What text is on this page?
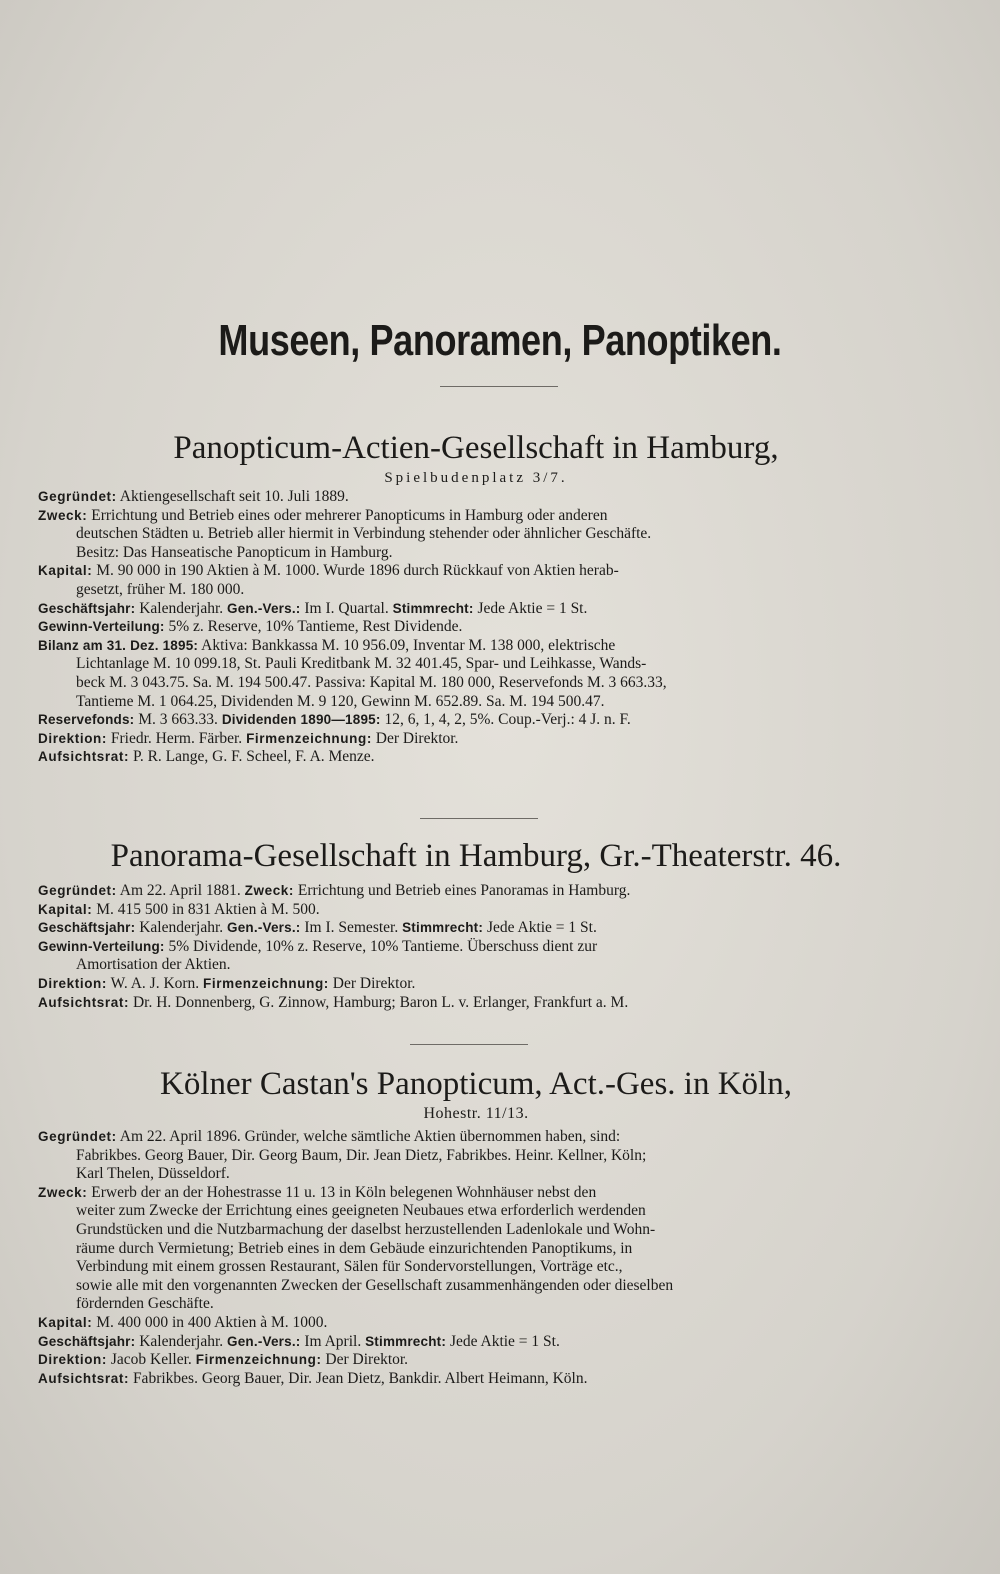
Museen, Panoramen, Panoptiken.
Panopticum-Actien-Gesellschaft in Hamburg,
Spielbudenplatz 3/7.
Gegründet: Aktiengesellschaft seit 10. Juli 1889.
Zweck: Errichtung und Betrieb eines oder mehrerer Panopticums in Hamburg oder anderen
deutschen Städten u. Betrieb aller hiermit in Verbindung stehender oder ähnlicher Geschäfte.
Besitz: Das Hanseatische Panopticum in Hamburg.
Kapital: M. 90 000 in 190 Aktien à M. 1000. Wurde 1896 durch Rückkauf von Aktien herab-
gesetzt, früher M. 180 000.
Geschäftsjahr: Kalenderjahr. Gen.-Vers.: Im I. Quartal. Stimmrecht: Jede Aktie = 1 St.
Gewinn-Verteilung: 5% z. Reserve, 10% Tantieme, Rest Dividende.
Bilanz am 31. Dez. 1895: Aktiva: Bankkassa M. 10 956.09, Inventar M. 138 000, elektrische
Lichtanlage M. 10 099.18, St. Pauli Kreditbank M. 32 401.45, Spar- und Leihkasse, Wands-
beck M. 3 043.75. Sa. M. 194 500.47. Passiva: Kapital M. 180 000, Reservefonds M. 3 663.33,
Tantieme M. 1 064.25, Dividenden M. 9 120, Gewinn M. 652.89. Sa. M. 194 500.47.
Reservefonds: M. 3 663.33. Dividenden 1890—1895: 12, 6, 1, 4, 2, 5%. Coup.-Verj.: 4 J. n. F.
Direktion: Friedr. Herm. Färber. Firmenzeichnung: Der Direktor.
Aufsichtsrat: P. R. Lange, G. F. Scheel, F. A. Menze.
Panorama-Gesellschaft in Hamburg, Gr.-Theaterstr. 46.
Gegründet: Am 22. April 1881. Zweck: Errichtung und Betrieb eines Panoramas in Hamburg.
Kapital: M. 415 500 in 831 Aktien à M. 500.
Geschäftsjahr: Kalenderjahr. Gen.-Vers.: Im I. Semester. Stimmrecht: Jede Aktie = 1 St.
Gewinn-Verteilung: 5% Dividende, 10% z. Reserve, 10% Tantieme. Überschuss dient zur
Amortisation der Aktien.
Direktion: W. A. J. Korn. Firmenzeichnung: Der Direktor.
Aufsichtsrat: Dr. H. Donnenberg, G. Zinnow, Hamburg; Baron L. v. Erlanger, Frankfurt a. M.
Kölner Castan's Panopticum, Act.-Ges. in Köln,
Hohestr. 11/13.
Gegründet: Am 22. April 1896. Gründer, welche sämtliche Aktien übernommen haben, sind:
Fabrikbes. Georg Bauer, Dir. Georg Baum, Dir. Jean Dietz, Fabrikbes. Heinr. Kellner, Köln;
Karl Thelen, Düsseldorf.
Zweck: Erwerb der an der Hohestrasse 11 u. 13 in Köln belegenen Wohnhäuser nebst den
weiter zum Zwecke der Errichtung eines geeigneten Neubaues etwa erforderlich werdenden
Grundstücken und die Nutzbarmachung der daselbst herzustellenden Ladenlokale und Wohn-
räume durch Vermietung; Betrieb eines in dem Gebäude einzurichtenden Panoptikums, in
Verbindung mit einem grossen Restaurant, Sälen für Sondervorstellungen, Vorträge etc.,
sowie alle mit den vorgenannten Zwecken der Gesellschaft zusammenhängenden oder dieselben
fördernden Geschäfte.
Kapital: M. 400 000 in 400 Aktien à M. 1000.
Geschäftsjahr: Kalenderjahr. Gen.-Vers.: Im April. Stimmrecht: Jede Aktie = 1 St.
Direktion: Jacob Keller. Firmenzeichnung: Der Direktor.
Aufsichtsrat: Fabrikbes. Georg Bauer, Dir. Jean Dietz, Bankdir. Albert Heimann, Köln.
